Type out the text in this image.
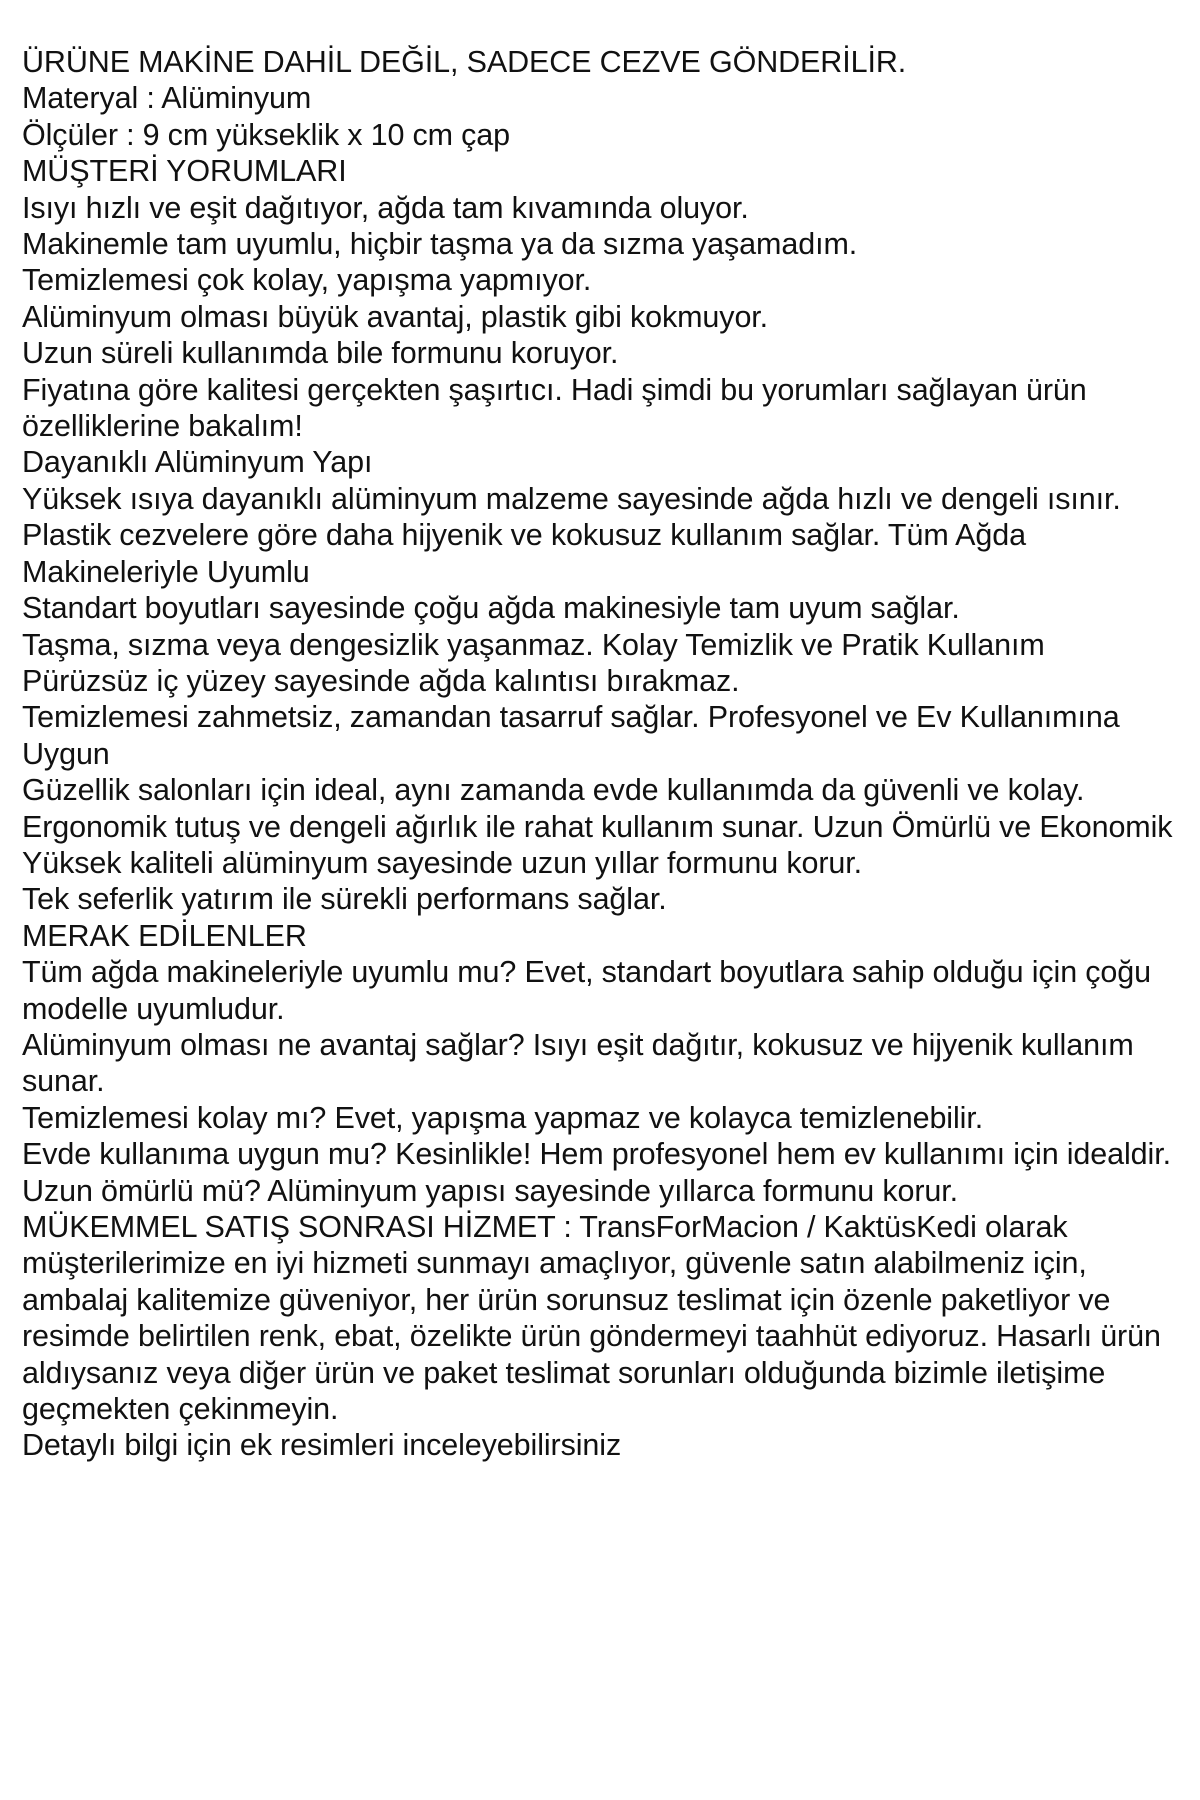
ÜRÜNE MAKİNE DAHİL DEĞİL, SADECE CEZVE GÖNDERİLİR.

Materyal : Alüminyum

Ölçüler : 9 cm yükseklik x 10 cm çap

MÜŞTERİ YORUMLARI

Isıyı hızlı ve eşit dağıtıyor, ağda tam kıvamında oluyor.

Makinemle tam uyumlu, hiçbir taşma ya da sızma yaşamadım.

Temizlemesi çok kolay, yapışma yapmıyor.

Alüminyum olması büyük avantaj, plastik gibi kokmuyor.

Uzun süreli kullanımda bile formunu koruyor.

Fiyatına göre kalitesi gerçekten şaşırtıcı. Hadi şimdi bu yorumları sağlayan ürün özelliklerine bakalım!

Dayanıklı Alüminyum Yapı

Yüksek ısıya dayanıklı alüminyum malzeme sayesinde ağda hızlı ve dengeli ısınır.

Plastik cezvelere göre daha hijyenik ve kokusuz kullanım sağlar. Tüm Ağda Makineleriyle Uyumlu

Standart boyutları sayesinde çoğu ağda makinesiyle tam uyum sağlar.

Taşma, sızma veya dengesizlik yaşanmaz. Kolay Temizlik ve Pratik Kullanım

Pürüzsüz iç yüzey sayesinde ağda kalıntısı bırakmaz.

Temizlemesi zahmetsiz, zamandan tasarruf sağlar. Profesyonel ve Ev Kullanımına Uygun

Güzellik salonları için ideal, aynı zamanda evde kullanımda da güvenli ve kolay.

Ergonomik tutuş ve dengeli ağırlık ile rahat kullanım sunar. Uzun Ömürlü ve Ekonomik

Yüksek kaliteli alüminyum sayesinde uzun yıllar formunu korur.

Tek seferlik yatırım ile sürekli performans sağlar.

MERAK EDİLENLER

Tüm ağda makineleriyle uyumlu mu? Evet, standart boyutlara sahip olduğu için çoğu modelle uyumludur.

Alüminyum olması ne avantaj sağlar? Isıyı eşit dağıtır, kokusuz ve hijyenik kullanım sunar.

Temizlemesi kolay mı? Evet, yapışma yapmaz ve kolayca temizlenebilir.

Evde kullanıma uygun mu? Kesinlikle! Hem profesyonel hem ev kullanımı için idealdir.

Uzun ömürlü mü? Alüminyum yapısı sayesinde yıllarca formunu korur.

MÜKEMMEL SATIŞ SONRASI HİZMET : TransForMacion / KaktüsKedi olarak müşterilerimize en iyi hizmeti sunmayı amaçlıyor, güvenle satın alabilmeniz için, ambalaj kalitemize güveniyor, her ürün sorunsuz teslimat için özenle paketliyor ve resimde belirtilen renk, ebat, özelikte ürün göndermeyi taahhüt ediyoruz. Hasarlı ürün aldıysanız veya diğer ürün ve paket teslimat sorunları olduğunda bizimle iletişime geçmekten çekinmeyin.

Detaylı bilgi için ek resimleri inceleyebilirsiniz
